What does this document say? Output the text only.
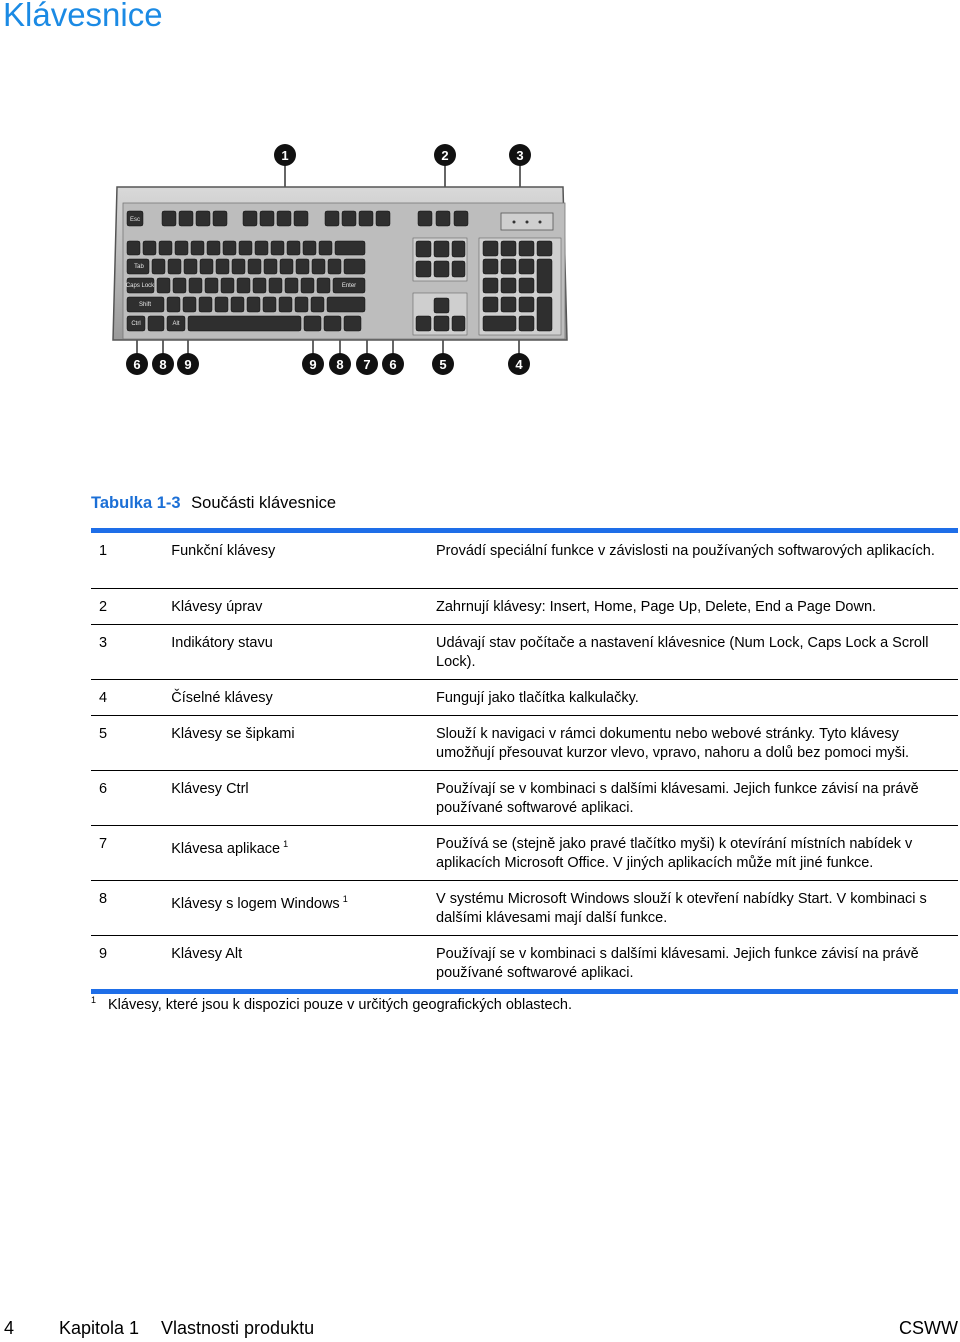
Klávesnice
Esc
Tab
Caps Lock
Shift
Ctrl	Alt
Enter
1	2	3
6 8 9	9 8 7 6	5	4
Tabulka 1-3 Součásti klávesnice
1	Funkční klávesy	Provádí speciální funkce v závislosti na používaných softwarových aplikacích.
2	Klávesy úprav	Zahrnují klávesy: Insert, Home, Page Up, Delete, End a Page Down.
3	Indikátory stavu	Udávají stav počítače a nastavení klávesnice (Num Lock, Caps Lock a Scroll Lock).
4	Číselné klávesy	Fungují jako tlačítka kalkulačky.
5	Klávesy se šipkami	Slouží k navigaci v rámci dokumentu nebo webové stránky. Tyto klávesy umožňují přesouvat kurzor vlevo, vpravo, nahoru a dolů bez pomoci myši.
6	Klávesy Ctrl	Používají se v kombinaci s dalšími klávesami. Jejich funkce závisí na právě používané softwarové aplikaci.
7	Klávesa aplikace $^1$	Používá se (stejně jako pravé tlačítko myši) k otevírání místních nabídek v aplikacích Microsoft Office. V jiných aplikacích může mít jiné funkce.
8	Klávesy s logem Windows $^1$	V systému Microsoft Windows slouží k otevření nabídky Start. V kombinaci s dalšími klávesami mají další funkce.
9	Klávesy Alt	Používají se v kombinaci s dalšími klávesami. Jejich funkce závisí na právě používané softwarové aplikaci.
$^1$ Klávesy, které jsou k dispozici pouze v určitých geografických oblastech.
4 Kapitola 1 Vlastnosti produktu	CSWW
